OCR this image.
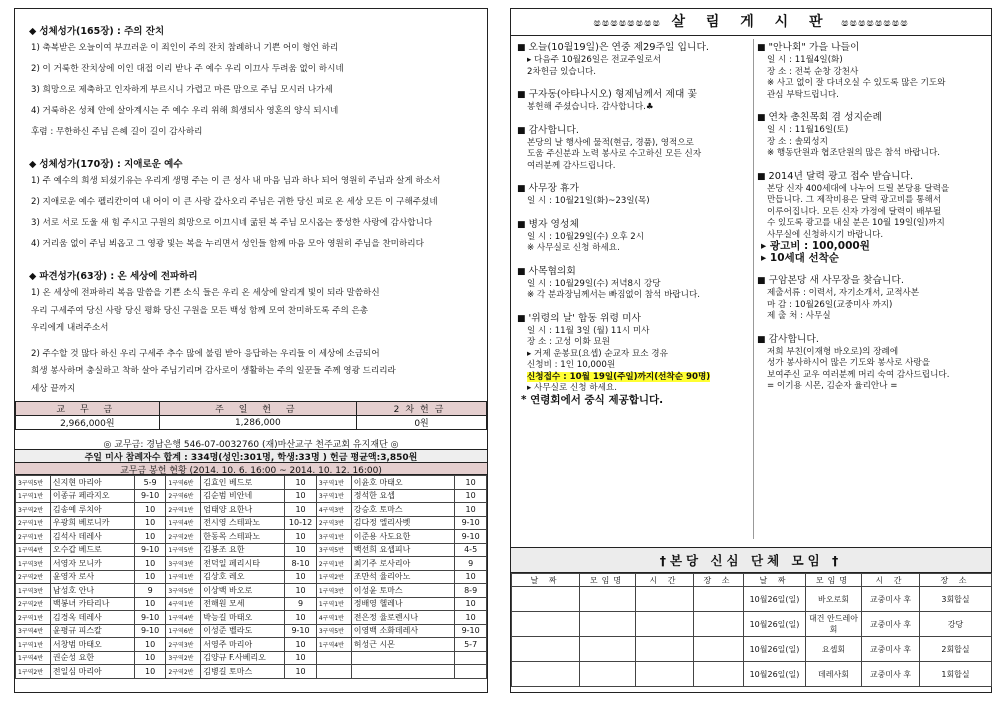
◆ 성체성가(165장) : 주의 잔치
1) 축복받은 오늘이여 부끄러운 이 죄인이 주의 잔치 참례하니 기쁜 어이 형언 하리
2) 이 거룩한 잔치상에 이인 대접 이리 받나 주 예수 우리 이끄사 두려움 없이 하시네
3) 희망으로 제축하고 인자하게 부르시니 가렵고 마른 맘으로 주님 모시러 나가세
4) 거룩하온 성체 안에 살아계시는 주 예수 우리 위해 희생되사 영혼의 양식 되시네
후렴 : 무한하신 주님 은혜 길이 길이 감사하리
◆ 성체성가(170장) : 지애로운 예수
1) 주 예수의 희생 되셨기유는 우리게 생명 주는 이 큰 성사 내 마음 님과 하나 되어 영원히 주님과 살게 하소서
2) 지애로운 예수 펠리칸이여 내 어이 이 큰 사랑 갚사오리 주님은 귀한 당신 피로 온 세상 모든 이 구해주셨네
3) 서로 서로 도울 새 힘 주시고 구원의 희망으로 이끄시네 굶된 복 주님 모시옵는 풍성한 사랑에 감사합니다
4) 거리움 없이 주님 뵈옵고 그 영광 빛는 복을 누리면서 성인들 함께 마음 모아 영원히 주님을 찬미하리다
◆ 파견성가(63장) : 온 세상에 전파하리
1) 온 세상에 전파하리 복음 말씀을 기쁜 소식 들은 우리 온 세상에 알리게 빛이 되라 말씀하신
우리 구세주여 당신 사랑 당신 평화 당신 구원을 모든 백성 함께 모여 찬미하도록 주의 은총
우리에게 내려주소서
2) 주수할 것 많다 하신 우리 구세주 추수 많에 불림 받아 응답하는 우리들 이 세상에 소금되어
희생 봉사하며 충실하고 착하 살아 주님기리며 감사로이 생활하는 주의 일꾼들 주께 영광 드리리라
세상 끝까지
교 무 금	주 일 헌 금	2차헌금
2,966,000원	1,286,000	0원
◎ 교무금: 경남은행 546-07-0032760 (재)마산교구 천주교회 유지재단 ◎
주일 미사 참례자수 합계 : 334명(성인:301명, 학생:33명 ) 헌금 평균액:3,850원
교무금 봉헌 현황 (2014. 10. 6. 16:00 ~ 2014. 10. 12. 16:00)
3구역5반	신지현 마리아	5-9	1구역6반	김효인 베드로	10	3구역1반	이윤호 마태오	10
1구역1반	이종규 페라지오	9-10	2구역6반	김순범 비안네	10	3구역1반	정석한 요셉	10
3구역2반	김송예 루치아	10	2구역1반	엄태양 요한나	10	4구역3반	강승호 토마스	10
2구역1반	우광희 베로니카	10	1구역4반	전시영 스테파노	10-12	2구역3반	김다정 엘리사벳	9-10
2구역1반	김석사 데레사	10	2구역2반	한동목 스테파노	10	3구역1반	이준용 사도요한	9-10
1구역4반	오수갑 베드로	9-10	1구역5반	김봉조 요한	10	3구역5반	백선희 요셉피나	4-5
1구역3반	서영자 모니카	10	3구역3반	전덕일 페리시타	8-10	2구역1반	최기주 로사리아	9
2구역2반	윤영자 로사	10	1구역1반	김상호 레오	10	1구역2반	조만석 율리아노	10
1구역3반	남성호 안나	9	3구역5반	이상백 바오로	10	1구역3반	이성윤 토마스	8-9
2구역2반	백봉녀 카타리나	10	4구역1반	전해원 모세	9	1구역1반	정배영 헬레나	10
2구역1반	김경옥 데레사	9-10	1구역4반	박능길 마태오	10	4구역1반	전은정 율로렌시나	10
3구역4반	윤평규 피스칼	9-10	1구역6반	이성준 벨라도	9-10	3구역5반	이영백 소화데레사	9-10
1구역1반	서창범 마태오	10	2구역3반	서영주 마리아	10	1구역4반	허성근 시몬	5-7
1구역4반	권순성 요한	10	3구역2반	김양규 F.사베리오	10			
1구역2반	전일심 마리아	10	2구역2반	김병길 토마스	10			
ෂෂෂෂෂෂෂෂ 살 림 게 시 판 ෂෂෂෂෂෂෂෂ
■ 오늘(10월19일)은 연중 제29주일 입니다.
▸ 다음주 10월26일은 전교주일로서
2차헌금 있습니다.
■ 구자동(아타나시오) 형제님께서 제대 꽃
봉헌해 주셨습니다. 감사합니다.♣
■ 감사합니다.
본당의 날 행사에 물적(현금, 경품), 영적으로
도움 주신분과 노력 봉사로 수고하신 모든 신자
여러분께 감사드립니다.
■ 사무장 휴가
일 시 : 10월21일(화)~23일(목)
■ 병자 영성체
일 시 : 10월29일(수) 오후 2시
※ 사무실로 신청 하세요.
■ 사목협의회
일 시 : 10월29일(수) 저녁8시 강당
※ 각 분과장님께서는 빠짐없이 참석 바랍니다.
■ '위령의 날' 합동 위령 미사
일 시 : 11월 3일 (월) 11시 미사
장 소 : 고성 이화 묘원
▸ 거제 운봉묘(요셉) 순교자 묘소 경유
신청비 : 1인 10,000원
신청접수 : 10월 19일(주일)까지(선착순 90명)
▸ 사무실로 신청 하세요.
* 연령회에서 중식 제공합니다.
■ "안나회" 가을 나들이
일 시 : 11월4일(화)
장 소 : 전북 순창 강천사
※ 사고 없이 잘 다녀오실 수 있도록 많은 기도와
관심 부탁드립니다.
■ 연차 총친목회 겸 성지순례
일 시 : 11월16일(토)
장 소 : 솔뫼성지
※ 행동단원과 협조단원의 많은 참석 바랍니다.
■ 2014년 달력 광고 접수 받습니다.
본당 신자 400세대에 나누어 드릴 본당용 달력을
만듭니다. 그 제작비용은 달력 광고비를 통해서
이루어집니다. 모든 신자 가정에 달력이 배부될
수 있도록 광고를 내실 분은 10월 19일(일)까지
사무실에 신청하시기 바랍니다.
▸ 광고비 : 100,000원
▸ 10세대 선착순
■ 구암본당 새 사무장을 찾습니다.
제출서류 : 이력서, 자기소개서, 교적사본
마 감 : 10월26일(교중미사 까지)
제 출 처 : 사무실
■ 감사합니다.
저희 부친(이재형 바오로)의 장례에
성가 봉사하시어 많은 기도와 봉사로 사랑을
보여주신 교우 여러분께 머리 숙여 감사드립니다.
= 이기용 시몬, 김순자 율리안나 =
†본당 신심 단체 모임 †
날 짜	모임명	시 간	장 소	날 짜	모임명	시 간	장 소
				10월26일(일)	바오로회	교중미사 후	3회합실
				10월26일(일)	대건 안드레아회	교중미사 후	강당
				10월26일(일)	요셉회	교중미사 후	2회합실
				10월26일(일)	데레사회	교중미사 후	1회합실
